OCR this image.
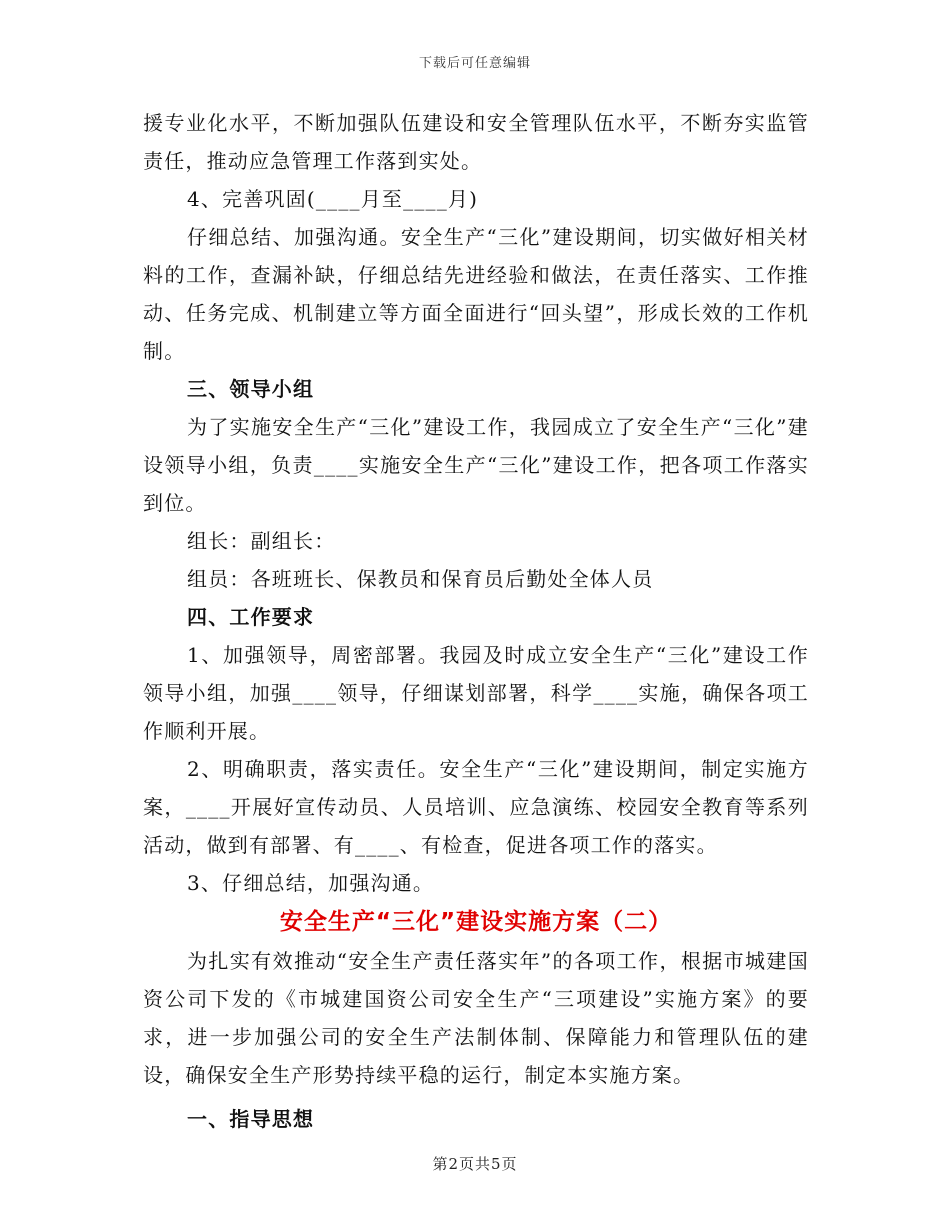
下载后可任意编辑

援专业化水平，不断加强队伍建设和安全管理队伍水平，不断夯实监管责任，推动应急管理工作落到实处。

4、完善巩固(____月至____月)

仔细总结、加强沟通。安全生产“三化”建设期间，切实做好相关材料的工作，查漏补缺，仔细总结先进经验和做法，在责任落实、工作推动、任务完成、机制建立等方面全面进行“回头望”，形成长效的工作机制。

三、领导小组

为了实施安全生产“三化”建设工作，我园成立了安全生产“三化”建设领导小组，负责____实施安全生产“三化”建设工作，把各项工作落实到位。

组长：副组长：

组员：各班班长、保教员和保育员后勤处全体人员

四、工作要求

1、加强领导，周密部署。我园及时成立安全生产“三化”建设工作领导小组，加强____领导，仔细谋划部署，科学____实施，确保各项工作顺利开展。

2、明确职责，落实责任。安全生产“三化”建设期间，制定实施方案，____开展好宣传动员、人员培训、应急演练、校园安全教育等系列活动，做到有部署、有____、有检查，促进各项工作的落实。

3、仔细总结，加强沟通。

安全生产“三化”建设实施方案（二）

为扎实有效推动“安全生产责任落实年”的各项工作，根据市城建国资公司下发的《市城建国资公司安全生产“三项建设”实施方案》的要求，进一步加强公司的安全生产法制体制、保障能力和管理队伍的建设，确保安全生产形势持续平稳的运行，制定本实施方案。

一、指导思想

第2页共5页
